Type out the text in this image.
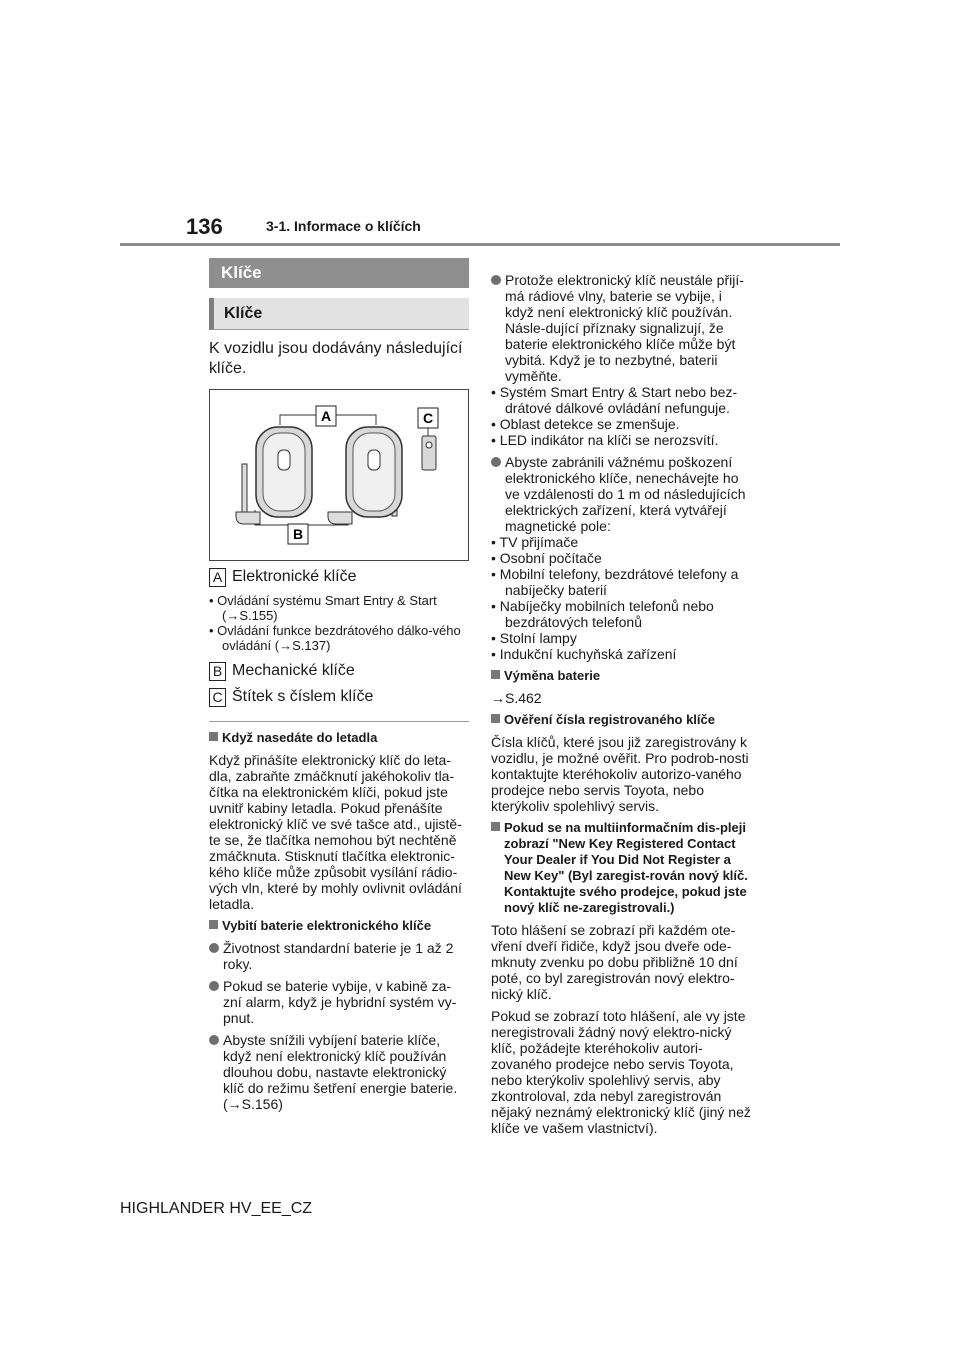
136	3-1. Informace o klíčích
Klíče
Klíče

K vozidlu jsou dodávány následující klíče.

A
B
C

A Elektronické klíče

• Ovládání systému Smart Entry & Start (→S.155)

• Ovládání funkce bezdrátového dálko-vého ovládání (→S.137)

B Mechanické klíče

C Štítek s číslem klíče

Když nasedáte do letadla

Když přinášíte elektronický klíč do leta-dla, zabraňte zmáčknutí jakéhokoliv tla-čítka na elektronickém klíči, pokud jste uvnitř kabiny letadla. Pokud přenášíte elektronický klíč ve své tašce atd., ujistě-te se, že tlačítka nemohou být nechtěně zmáčknuta. Stisknutí tlačítka elektronic-kého klíče může způsobit vysílání rádio-vých vln, které by mohly ovlivnit ovládání letadla.

Vybití baterie elektronického klíče

Životnost standardní baterie je 1 až 2 roky.

Pokud se baterie vybije, v kabině za-zní alarm, když je hybridní systém vy-pnut.

Abyste snížili vybíjení baterie klíče, když není elektronický klíč používán dlouhou dobu, nastavte elektronický klíč do režimu šetření energie baterie. (→S.156)

Protože elektronický klíč neustále přijí-má rádiové vlny, baterie se vybije, i když není elektronický klíč používán. Násle-dující příznaky signalizují, že baterie elektronického klíče může být vybitá. Když je to nezbytné, baterii vyměňte.

• Systém Smart Entry & Start nebo bez-drátové dálkové ovládání nefunguje.

• Oblast detekce se zmenšuje.

• LED indikátor na klíči se nerozsvítí.

Abyste zabránili vážnému poškození elektronického klíče, nenechávejte ho ve vzdálenosti do 1 m od následujících elektrických zařízení, která vytvářejí magnetické pole:

• TV přijímače

• Osobní počítače

• Mobilní telefony, bezdrátové telefony a nabíječky baterií

• Nabíječky mobilních telefonů nebo bezdrátových telefonů

• Stolní lampy

• Indukční kuchyňská zařízení

Výměna baterie

→S.462

Ověření čísla registrovaného klíče

Čísla klíčů, které jsou již zaregistrovány k vozidlu, je možné ověřit. Pro podrob-nosti kontaktujte kteréhokoliv autorizo-vaného prodejce nebo servis Toyota, nebo kterýkoliv spolehlivý servis.

Pokud se na multiinformačním dis-pleji zobrazí "New Key Registered Contact Your Dealer if You Did Not Register a New Key" (Byl zaregist-rován nový klíč. Kontaktujte svého prodejce, pokud jste nový klíč ne-zaregistrovali.)

Toto hlášení se zobrazí při každém ote-vření dveří řidiče, když jsou dveře ode-mknuty zvenku po dobu přibližně 10 dní poté, co byl zaregistrován nový elektro-nický klíč.

Pokud se zobrazí toto hlášení, ale vy jste neregistrovali žádný nový elektro-nický klíč, požádejte kteréhokoliv autori-zovaného prodejce nebo servis Toyota, nebo kterýkoliv spolehlivý servis, aby zkontroloval, zda nebyl zaregistrován nějaký neznámý elektronický klíč (jiný než klíče ve vašem vlastnictví).

HIGHLANDER HV_EE_CZ
